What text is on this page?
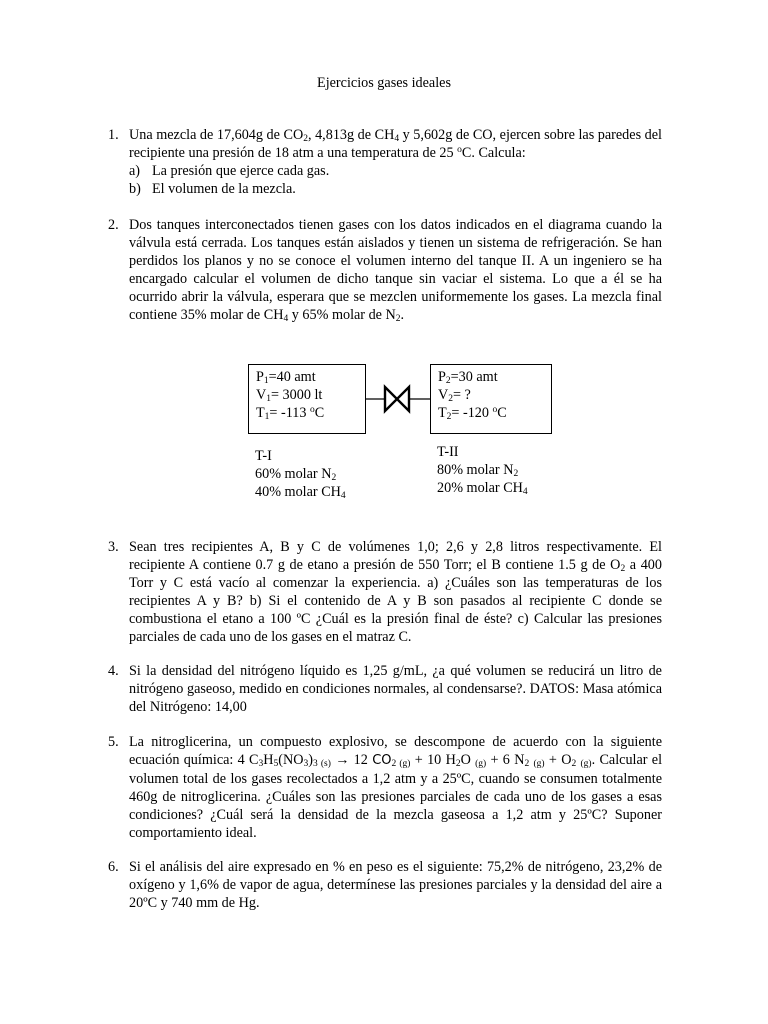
Ejercicios gases ideales
1. Una mezcla de 17,604g de $CO_2$, 4,813g de $CH_4$ y 5,602g de CO, ejercen sobre las paredes del recipiente una presión de 18 atm a una temperatura de 25 $^o$C. Calcula:
a) La presión que ejerce cada gas.
b) El volumen de la mezcla.
2. Dos tanques interconectados tienen gases con los datos indicados en el diagrama cuando la válvula está cerrada. Los tanques están aislados y tienen un sistema de refrigeración. Se han perdidos los planos y no se conoce el volumen interno del tanque II. A un ingeniero se ha encargado calcular el volumen de dicho tanque sin vaciar el sistema. Lo que a él se ha ocurrido abrir la válvula, esperara que se mezclen uniformemente los gases. La mezcla final contiene 35% molar de $CH_4$ y 65% molar de $N_2$.
$P_1=40$ amt
$V_1= 3000$ lt
$T_1= -113$ $^o$C
$P_2=30$ amt
$V_2=$ ?
$T_2= -120$ $^o$C
T-I
60% molar $N_2$
40% molar $CH_4$
T-II
80% molar $N_2$
20% molar $CH_4$
3. Sean tres recipientes A, B y C de volúmenes 1,0; 2,6 y 2,8 litros respectivamente. El recipiente A contiene 0.7 g de etano a presión de 550 Torr; el B contiene 1.5 g de $O_2$ a 400 Torr y C está vacío al comenzar la experiencia. a) ¿Cuáles son las temperaturas de los recipientes A y B? b) Si el contenido de A y B son pasados al recipiente C donde se combustiona el etano a 100 ºC ¿Cuál es la presión final de éste? c) Calcular las presiones parciales de cada uno de los gases en el matraz C.
4. Si la densidad del nitrógeno líquido es 1,25 g/mL, ¿a qué volumen se reducirá un litro de nitrógeno gaseoso, medido en condiciones normales, al condensarse?. DATOS: Masa atómica del Nitrógeno: 14,00
5. La nitroglicerina, un compuesto explosivo, se descompone de acuerdo con la siguiente ecuación química: 4 $C_3H_5(NO_3)_{3 (s)} \to 12$ $CO_{2 (g)} + 10$ $H_2O$ $_{(g)}$ + 6 $N_2$ $_{(g)} + O_2$ $_{(g)}$. Calcular el volumen total de los gases recolectados a 1,2 atm y a 25ºC, cuando se consumen totalmente 460g de nitroglicerina. ¿Cuáles son las presiones parciales de cada uno de los gases a esas condiciones? ¿Cuál será la densidad de la mezcla gaseosa a 1,2 atm y 25ºC? Suponer comportamiento ideal.
6. Si el análisis del aire expresado en % en peso es el siguiente: 75,2% de nitrógeno, 23,2% de oxígeno y 1,6% de vapor de agua, determínese las presiones parciales y la densidad del aire a 20ºC y 740 mm de Hg.
